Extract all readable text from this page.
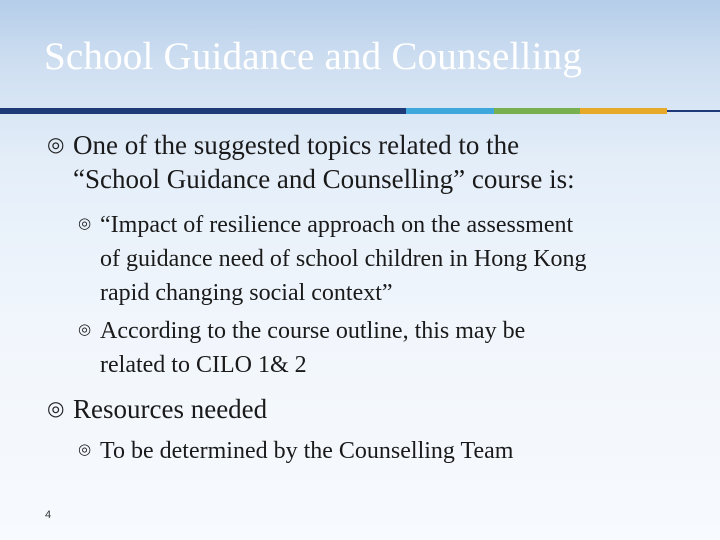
School Guidance and Counselling
◎ One of the suggested topics related to the
“School Guidance and Counselling” course is:
◎ “Impact of resilience approach on the assessment
of guidance need of school children in Hong Kong
rapid changing social context”
◎ According to the course outline, this may be
related to CILO 1& 2
◎ Resources needed
◎ To be determined by the Counselling Team
4
